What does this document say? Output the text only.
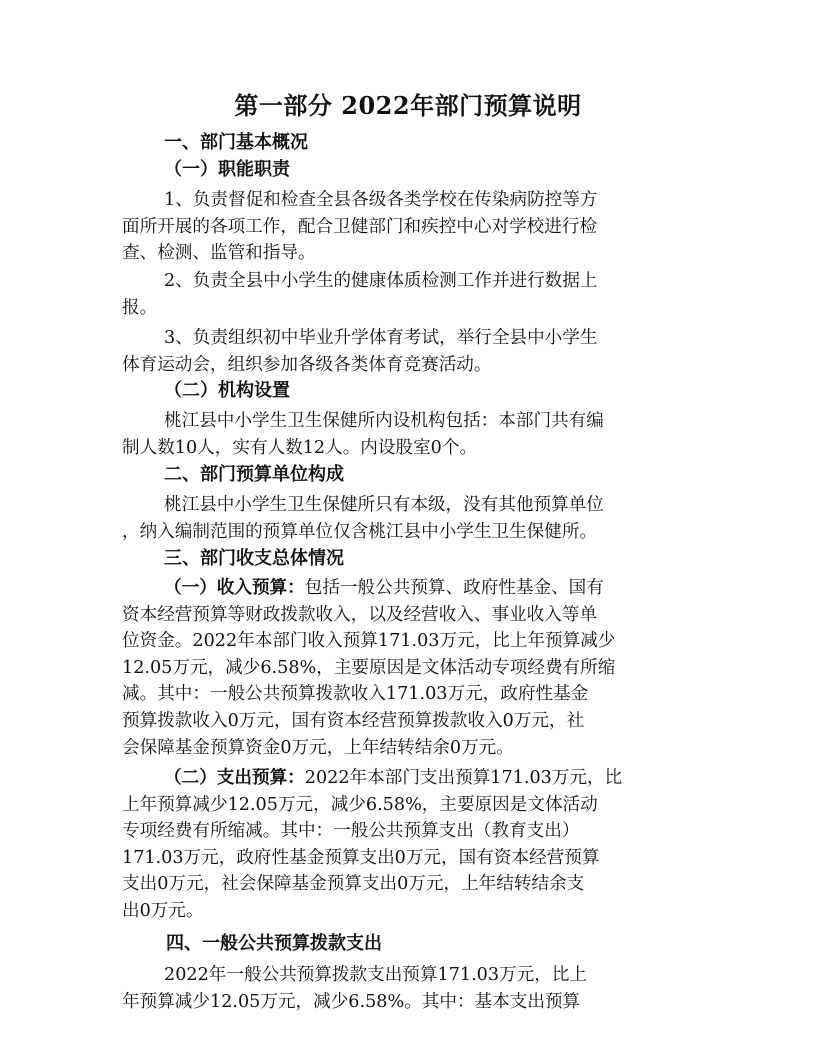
第一部分 2022年部门预算说明
一、部门基本概况
（一）职能职责
1、负责督促和检查全县各级各类学校在传染病防控等方
面所开展的各项工作，配合卫健部门和疾控中心对学校进行检
查、检测、监管和指导。
2、负责全县中小学生的健康体质检测工作并进行数据上
报。
3、负责组织初中毕业升学体育考试，举行全县中小学生
体育运动会，组织参加各级各类体育竞赛活动。
（二）机构设置
桃江县中小学生卫生保健所内设机构包括：本部门共有编
制人数10人，实有人数12人。内设股室0个。
二、部门预算单位构成
桃江县中小学生卫生保健所只有本级，没有其他预算单位
，纳入编制范围的预算单位仅含桃江县中小学生卫生保健所。
三、部门收支总体情况
（一）收入预算：包括一般公共预算、政府性基金、国有
资本经营预算等财政拨款收入，以及经营收入、事业收入等单
位资金。2022年本部门收入预算171.03万元，比上年预算减少
12.05万元，减少6.58%，主要原因是文体活动专项经费有所缩
减。其中：一般公共预算拨款收入171.03万元，政府性基金
预算拨款收入0万元，国有资本经营预算拨款收入0万元，社
会保障基金预算资金0万元，上年结转结余0万元。
（二）支出预算：2022年本部门支出预算171.03万元，比
上年预算减少12.05万元，减少6.58%，主要原因是文体活动
专项经费有所缩减。其中：一般公共预算支出（教育支出）
171.03万元，政府性基金预算支出0万元，国有资本经营预算
支出0万元，社会保障基金预算支出0万元，上年结转结余支
出0万元。
四、一般公共预算拨款支出
2022年一般公共预算拨款支出预算171.03万元，比上
年预算减少12.05万元，减少6.58%。其中：基本支出预算
